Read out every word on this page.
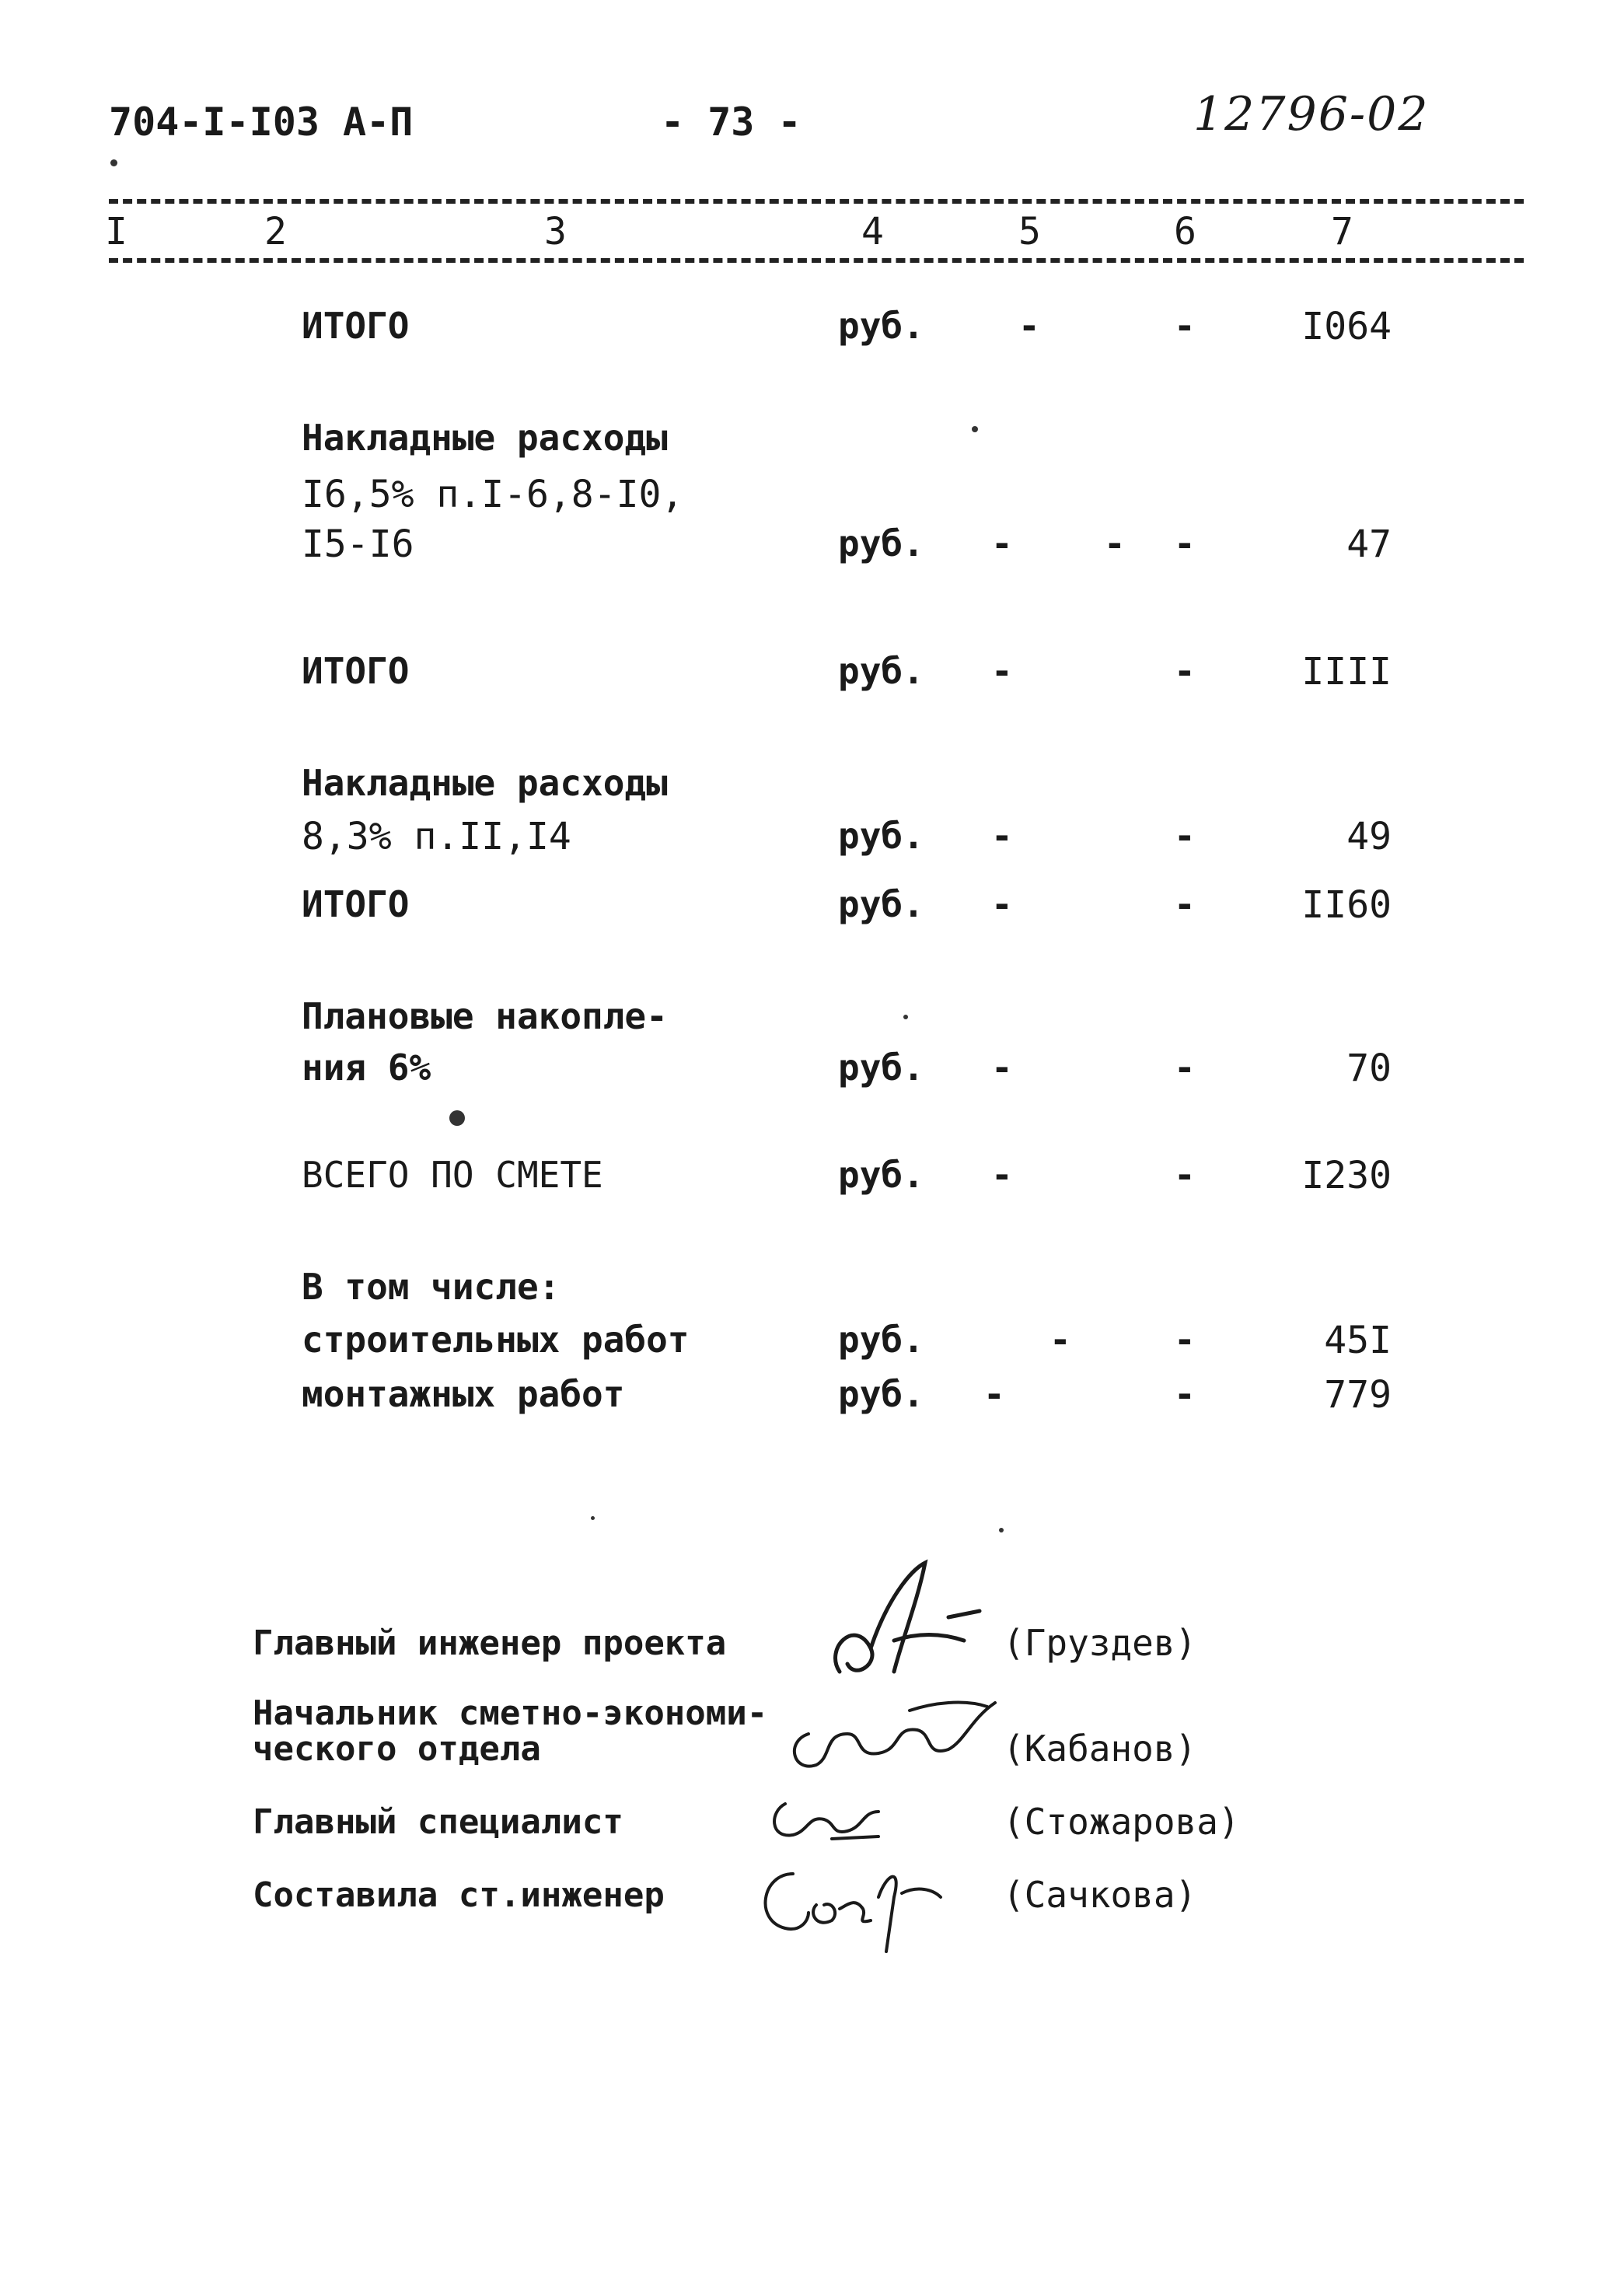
704-I-I03 А-П	- 73 -	12796-02
I	2	3	4	5	6	7
ИТОГО	руб.	-	-	I064
Накладные расходы
I6,5% п.I-6,8-I0,
I5-I6	руб. -	- -	47
ИТОГО	руб. -	-	IIII
Накладные расходы
8,3% п.II,I4	руб. -	-	49
ИТОГО	руб. -	-	II60
Плановые накопле-
ния 6%	руб. -	-	70
ВСЕГО ПО СМЕТЕ	руб. -	-	I230
В том числе:
строительных работ	руб.	-	-	45I
монтажных работ	руб. -	-	779
Главный инженер проекта	(Груздев)
Начальник сметно-экономи-
ческого отдела	(Кабанов)
Главный специалист	(Стожарова)
Составила ст.инженер	(Сачкова)
